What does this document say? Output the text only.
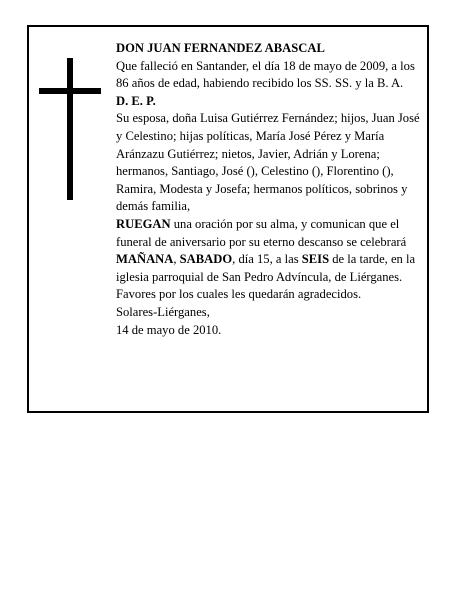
DON JUAN FERNANDEZ ABASCAL

Que falleció en Santander, el día 18 de mayo de 2009, a los 86 años de edad, habiendo recibido los SS. SS. y la B. A.

D. E. P.

Su esposa, doña Luisa Gutiérrez Fernández; hijos, Juan José y Celestino; hijas políticas, María José Pérez y María Aránzazu Gutiérrez; nietos, Javier, Adrián y Lorena; hermanos, Santiago, José (), Celestino (), Florentino (), Ramira, Modesta y Josefa; hermanos políticos, sobrinos y demás familia,

RUEGAN una oración por su alma, y comunican que el funeral de aniversario por su eterno descanso se celebrará MAÑANA, SABADO, día 15, a las SEIS de la tarde, en la iglesia parroquial de San Pedro Advíncula, de Liérganes. Favores por los cuales les quedarán agradecidos.

Solares-Liérganes,

14 de mayo de 2010.
